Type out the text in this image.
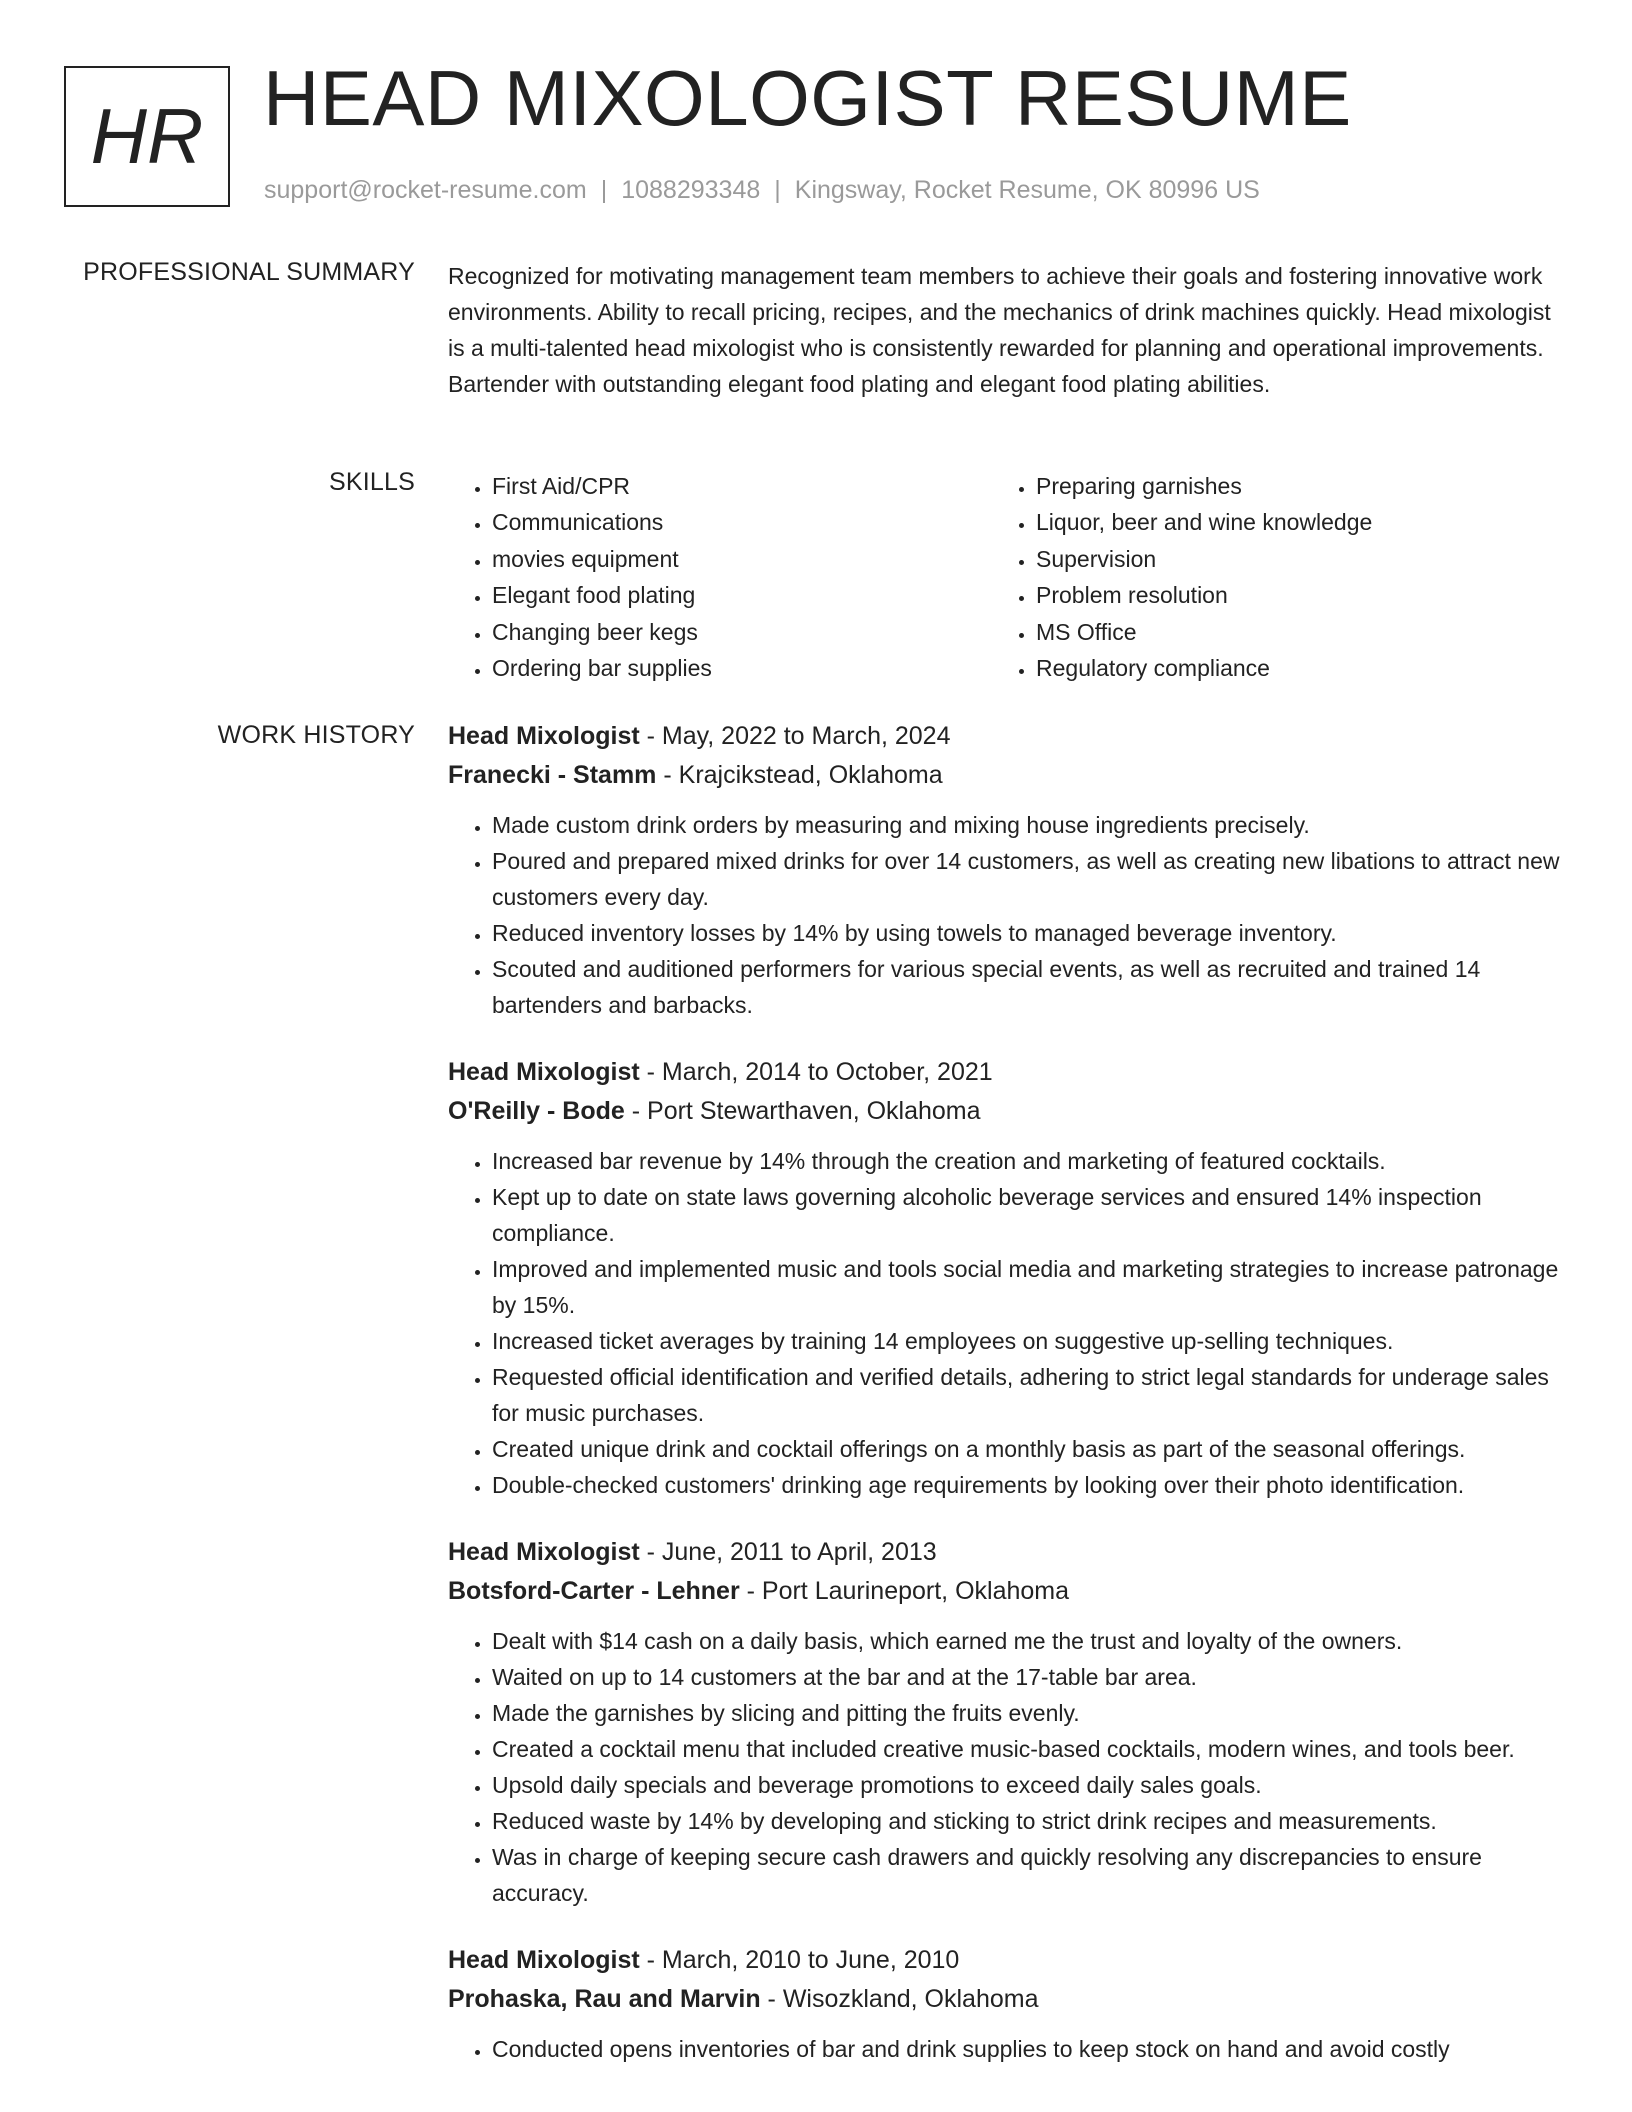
HR HEAD MIXOLOGIST RESUME
support@rocket-resume.com | 1088293348 | Kingsway, Rocket Resume, OK 80996 US
PROFESSIONAL SUMMARY Recognized for motivating management team members to achieve their goals and fostering innovative work environments. Ability to recall pricing, recipes, and the mechanics of drink machines quickly. Head mixologist is a multi-talented head mixologist who is consistently rewarded for planning and operational improvements. Bartender with outstanding elegant food plating and elegant food plating abilities.
SKILLS
•	First Aid/CPR
• Communications
• movies equipment
• Elegant food plating
• Changing beer kegs
• Ordering bar supplies
• Preparing garnishes
• Liquor, beer and wine knowledge
• Supervision
• Problem resolution
• MS Office
• Regulatory compliance
WORK HISTORY Head Mixologist - May, 2022 to March, 2024
Franecki - Stamm - Krajcikstead, Oklahoma
• Made custom drink orders by measuring and mixing house ingredients precisely.
• Poured and prepared mixed drinks for over 14 customers, as well as creating new libations to attract new customers every day.
• Reduced inventory losses by 14% by using towels to managed beverage inventory.
• Scouted and auditioned performers for various special events, as well as recruited and trained 14 bartenders and barbacks.
Head Mixologist - March, 2014 to October, 2021
O'Reilly - Bode - Port Stewarthaven, Oklahoma
• Increased bar revenue by 14% through the creation and marketing of featured cocktails.
• Kept up to date on state laws governing alcoholic beverage services and ensured 14% inspection compliance.
• Improved and implemented music and tools social media and marketing strategies to increase patronage by 15%.
• Increased ticket averages by training 14 employees on suggestive up-selling techniques.
• Requested official identification and verified details, adhering to strict legal standards for underage sales for music purchases.
• Created unique drink and cocktail offerings on a monthly basis as part of the seasonal offerings.
• Double-checked customers' drinking age requirements by looking over their photo identification.
Head Mixologist - June, 2011 to April, 2013
Botsford-Carter - Lehner - Port Laurineport, Oklahoma
• Dealt with $14 cash on a daily basis, which earned me the trust and loyalty of the owners.
• Waited on up to 14 customers at the bar and at the 17-table bar area.
• Made the garnishes by slicing and pitting the fruits evenly.
• Created a cocktail menu that included creative music-based cocktails, modern wines, and tools beer.
• Upsold daily specials and beverage promotions to exceed daily sales goals.
• Reduced waste by 14% by developing and sticking to strict drink recipes and measurements.
• Was in charge of keeping secure cash drawers and quickly resolving any discrepancies to ensure accuracy.
Head Mixologist - March, 2010 to June, 2010
Prohaska, Rau and Marvin - Wisozkland, Oklahoma
• Conducted opens inventories of bar and drink supplies to keep stock on hand and avoid costly
